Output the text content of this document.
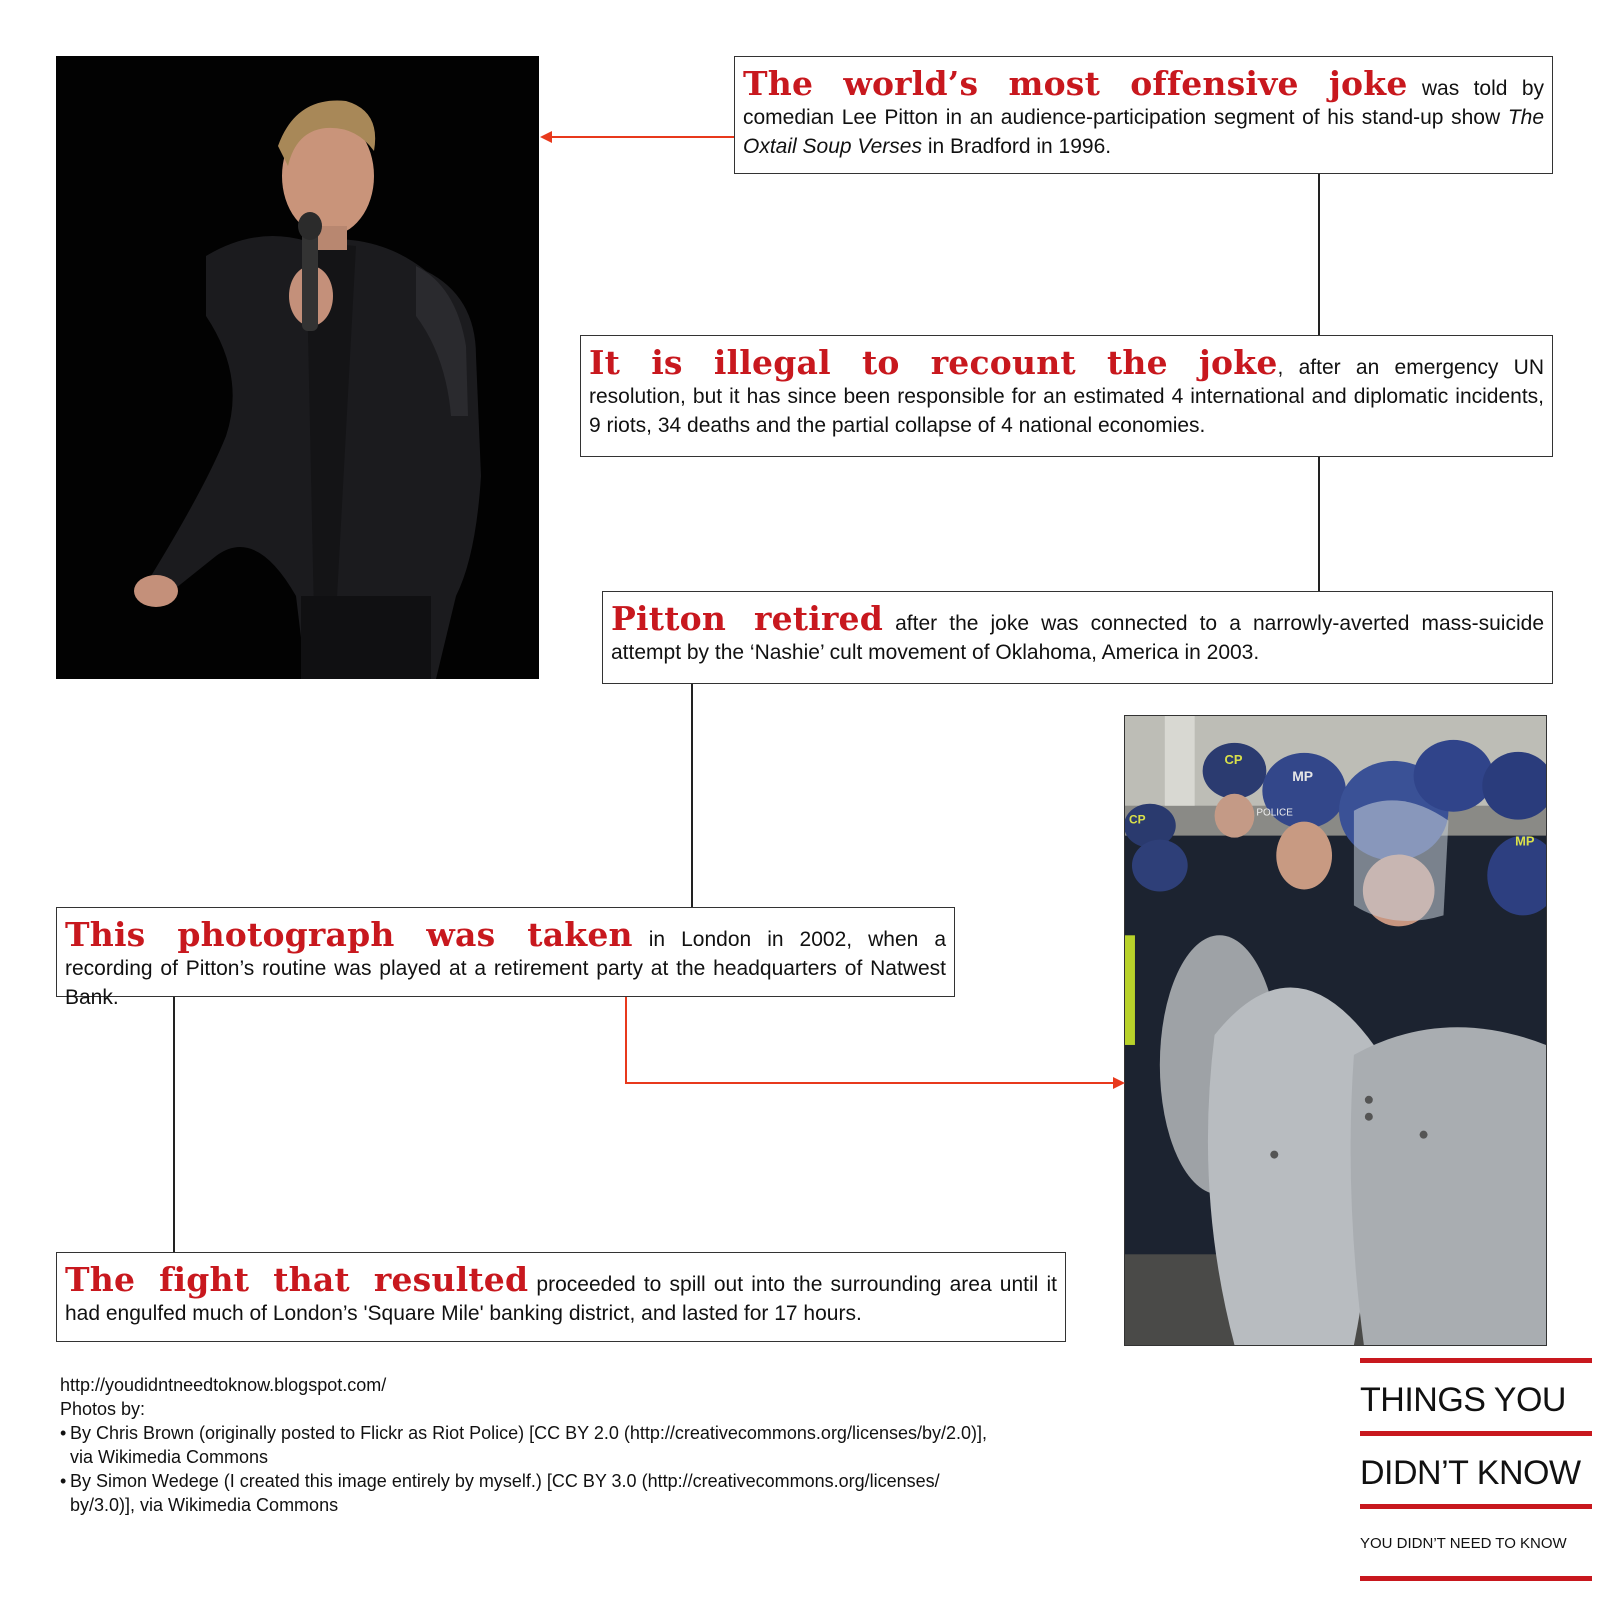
CP
MP
POLICE
CP
MP
The world’s most offensive joke was told by comedian Lee Pitton in an audience-participation segment of his stand-up show The Oxtail Soup Verses in Bradford in 1996.
It is illegal to recount the joke, after an emergency UN resolution, but it has since been responsible for an estimated 4 international and diplomatic incidents, 9 riots, 34 deaths and the partial collapse of 4 national economies.
Pitton retired after the joke was connected to a narrowly-averted mass-suicide attempt by the ‘Nashie’ cult movement of Oklahoma, America in 2003.
This photograph was taken in London in 2002, when a recording of Pitton’s routine was played at a retirement party at the headquarters of Natwest Bank.
The fight that resulted proceeded to spill out into the surrounding area until it had engulfed much of London’s 'Square Mile' banking district, and lasted for 17 hours.
http://youdidntneedtoknow.blogspot.com/
Photos by:
• By Chris Brown (originally posted to Flickr as Riot Police) [CC BY 2.0 (http://creativecommons.org/licenses/by/2.0)],
via Wikimedia Commons
• By Simon Wedege (I created this image entirely by myself.) [CC BY 3.0 (http://creativecommons.org/licenses/
by/3.0)], via Wikimedia Commons
THINGS YOU
DIDN’T KNOW
YOU DIDN’T NEED TO KNOW
